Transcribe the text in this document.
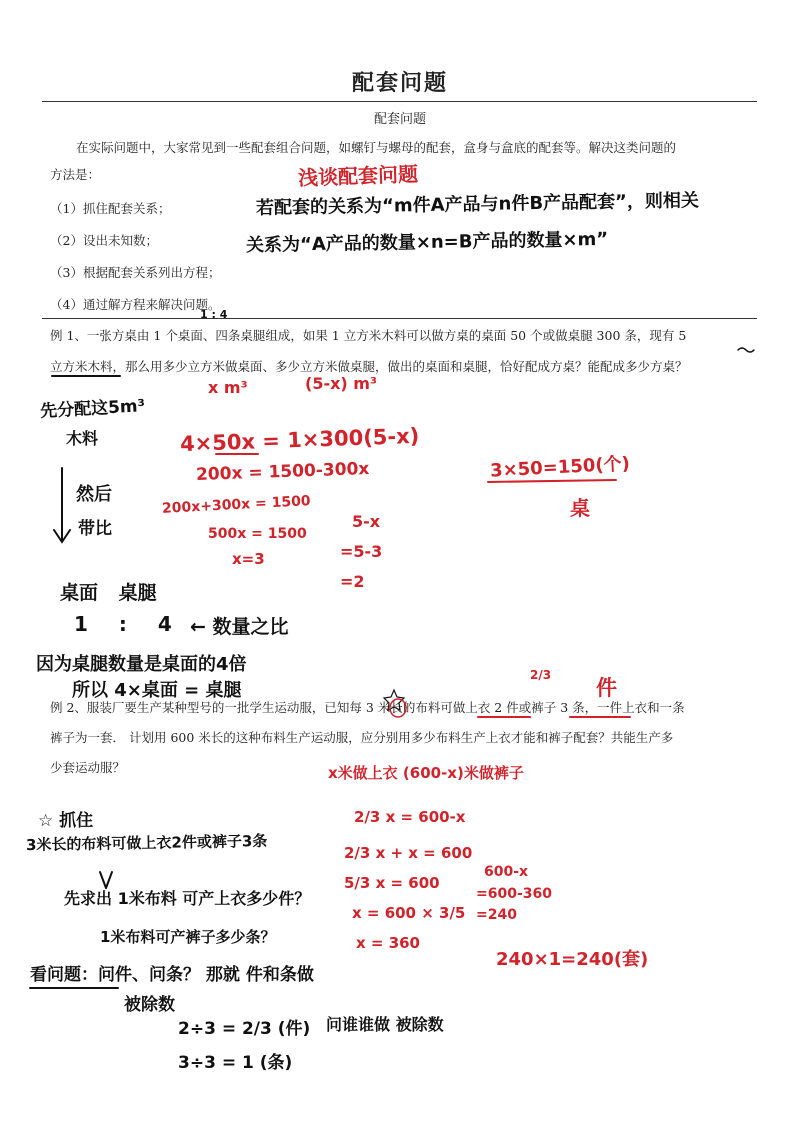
配套问题
配套问题
在实际问题中，大家常见到一些配套组合问题，如螺钉与螺母的配套，盒身与盒底的配套等。解决这类问题的
方法是：
（1）抓住配套关系；
（2）设出未知数；
（3）根据配套关系列出方程；
（4）通过解方程来解决问题。
例 1、一张方桌由 1 个桌面、四条桌腿组成，如果 1 立方米木料可以做方桌的桌面 50 个或做桌腿 300 条，现有 5
立方米木料，那么用多少立方米做桌面、多少立方米做桌腿，做出的桌面和桌腿，恰好配成方桌？能配成多少方桌？
例 2、服装厂要生产某种型号的一批学生运动服，已知每 3 米长的布料可做上衣 2 件或裤子 3 条，一件上衣和一条
裤子为一套． 计划用 600 米长的这种布料生产运动服，应分别用多少布料生产上衣才能和裤子配套？共能生产多
少套运动服？
浅谈配套问题
若配套的关系为“m件A产品与n件B产品配套”，则相关
关系为“A产品的数量×n=B产品的数量×m”
1 : 4
x m³	(5-x) m³
先分配这5m³
木料
然后
带比
4×50x = 1×300(5-x)
200x = 1500-300x
200x+300x = 1500
500x = 1500
x=3
5-x
=5-3
=2
3×50=150(个)
桌
桌面 桌腿
1 : 4 ← 数量之比
因为桌腿数量是桌面的4倍
所以 4×桌面 = 桌腿
2/3
件
x米做上衣 (600-x)米做裤子
2/3 x = 600-x
2/3 x + x = 600
5/3 x = 600
x = 600 × 3/5
x = 360
600-x
=600-360
=240
240×1=240(套)
☆ 抓住
3米长的布料可做上衣2件或裤子3条
先求出 1米布料 可产上衣多少件？
1米布料可产裤子多少条？
看问题：问件、问条？ 那就 件和条做
被除数
2÷3 = 2/3 (件)
3÷3 = 1 (条)
问谁谁做 被除数
